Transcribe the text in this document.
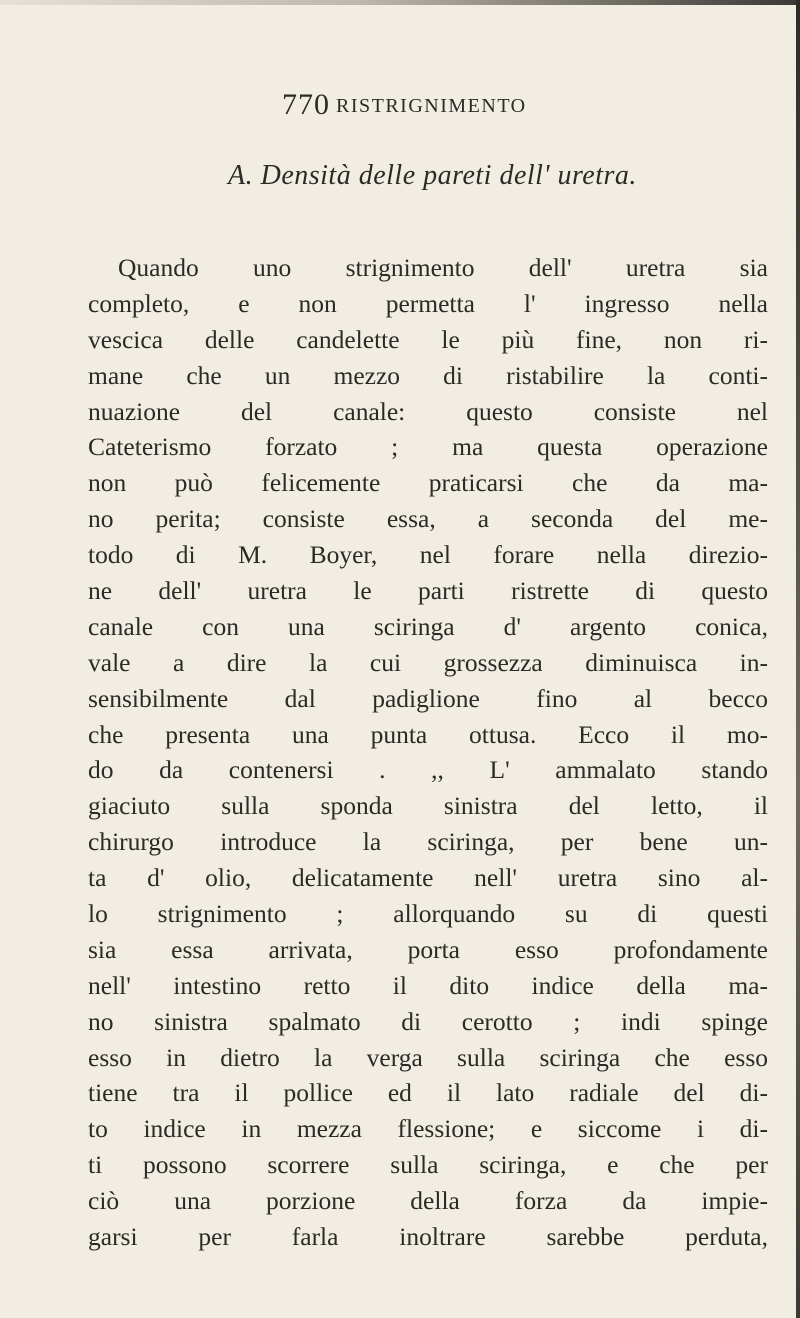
770 RISTRIGNIMENTO
A. Densità delle pareti dell' uretra.
Quando uno strignimento dell' uretra sia
completo, e non permetta l' ingresso nella
vescica delle candelette le più fine, non ri-
mane che un mezzo di ristabilire la conti-
nuazione del canale: questo consiste nel
Cateterismo forzato ; ma questa operazione
non può felicemente praticarsi che da ma-
no perita; consiste essa, a seconda del me-
todo di M. Boyer, nel forare nella direzio-
ne dell' uretra le parti ristrette di questo
canale con una sciringa d' argento conica,
vale a dire la cui grossezza diminuisca in-
sensibilmente dal padiglione fino al becco
che presenta una punta ottusa. Ecco il mo-
do da contenersi . ,, L' ammalato stando
giaciuto sulla sponda sinistra del letto, il
chirurgo introduce la sciringa, per bene un-
ta d' olio, delicatamente nell' uretra sino al-
lo strignimento ; allorquando su di questi
sia essa arrivata, porta esso profondamente
nell' intestino retto il dito indice della ma-
no sinistra spalmato di cerotto ; indi spinge
esso in dietro la verga sulla sciringa che esso
tiene tra il pollice ed il lato radiale del di-
to indice in mezza flessione; e siccome i di-
ti possono scorrere sulla sciringa, e che per
ciò una porzione della forza da impie-
garsi per farla inoltrare sarebbe perduta,
